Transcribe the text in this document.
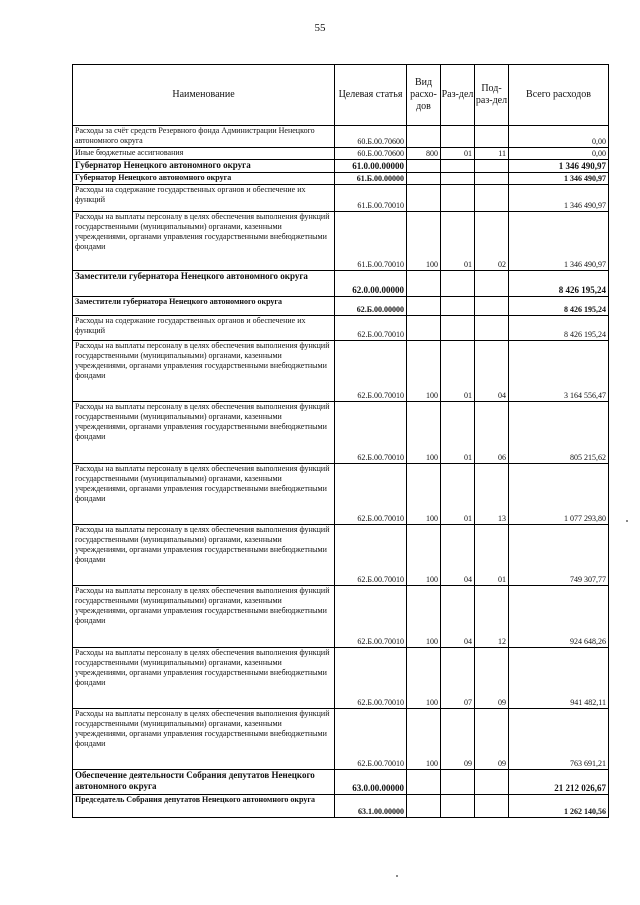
55
Наименование	Целевая статья	Вид расхо-дов	Раз-дел	Под-раз-дел	Всего расходов
Расходы за счёт средств Резервного фонда Администрации Ненецкого автономного округа	60.Б.00.70600				0,00
Иные бюджетные ассигнования	60.Б.00.70600	800	01	11	0,00
Губернатор Ненецкого автономного округа	61.0.00.00000				1 346 490,97
Губернатор Ненецкого автономного округа	61.Б.00.00000				1 346 490,97
Расходы на содержание государственных органов и обеспечение их функций	61.Б.00.70010				1 346 490,97
Расходы на выплаты персоналу в целях обеспечения выполнения функций государственными (муниципальными) органами, казенными учреждениями, органами управления государственными внебюджетными фондами	61.Б.00.70010	100	01	02	1 346 490,97
Заместители губернатора Ненецкого автономного округа	62.0.00.00000				8 426 195,24
Заместители губернатора Ненецкого автономного округа	62.Б.00.00000				8 426 195,24
Расходы на содержание государственных органов и обеспечение их функций	62.Б.00.70010				8 426 195,24
Расходы на выплаты персоналу в целях обеспечения выполнения функций государственными (муниципальными) органами, казенными учреждениями, органами управления государственными внебюджетными фондами	62.Б.00.70010	100	01	04	3 164 556,47
Расходы на выплаты персоналу в целях обеспечения выполнения функций государственными (муниципальными) органами, казенными учреждениями, органами управления государственными внебюджетными фондами	62.Б.00.70010	100	01	06	805 215,62
Расходы на выплаты персоналу в целях обеспечения выполнения функций государственными (муниципальными) органами, казенными учреждениями, органами управления государственными внебюджетными фондами	62.Б.00.70010	100	01	13	1 077 293,80
Расходы на выплаты персоналу в целях обеспечения выполнения функций государственными (муниципальными) органами, казенными учреждениями, органами управления государственными внебюджетными фондами	62.Б.00.70010	100	04	01	749 307,77
Расходы на выплаты персоналу в целях обеспечения выполнения функций государственными (муниципальными) органами, казенными учреждениями, органами управления государственными внебюджетными фондами	62.Б.00.70010	100	04	12	924 648,26
Расходы на выплаты персоналу в целях обеспечения выполнения функций государственными (муниципальными) органами, казенными учреждениями, органами управления государственными внебюджетными фондами	62.Б.00.70010	100	07	09	941 482,11
Расходы на выплаты персоналу в целях обеспечения выполнения функций государственными (муниципальными) органами, казенными учреждениями, органами управления государственными внебюджетными фондами	62.Б.00.70010	100	09	09	763 691,21
Обеспечение деятельности Собрания депутатов Ненецкого автономного округа	63.0.00.00000				21 212 026,67
Председатель Собрания депутатов Ненецкого автономного округа	63.1.00.00000				1 262 140,56
